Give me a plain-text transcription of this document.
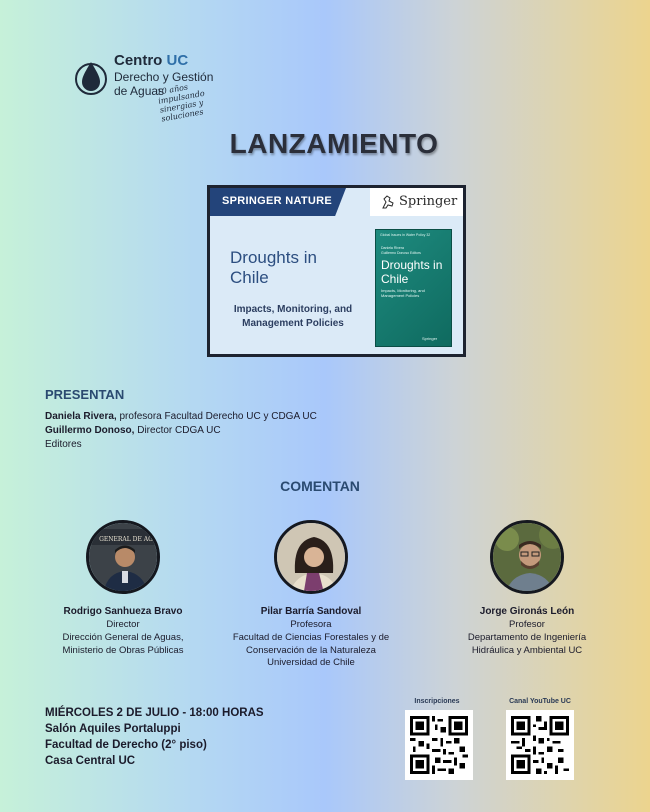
Centro UC
Derecho y Gestión
de Aguas
10 años impulsando sinergias y soluciones
LANZAMIENTO
SPRINGER NATURE	Springer
Droughts in
Chile
Impacts, Monitoring, and
Management Policies
Global Issues in Water Policy 32
Daniela Rivera
Guillermo Donoso Editors
Droughts in
Chile
Impacts, Monitoring, and Management Policies
Springer
PRESENTAN
Daniela Rivera, profesora Facultad Derecho UC y CDGA UC
Guillermo Donoso, Director CDGA UC
Editores
COMENTAN
GENERAL DE AG
Rodrigo Sanhueza Bravo
Director
Dirección General de Aguas,
Ministerio de Obras Públicas
Pilar Barría Sandoval
Profesora
Facultad de Ciencias Forestales y de
Conservación de la Naturaleza
Universidad de Chile
Jorge Gironás León
Profesor
Departamento de Ingeniería
Hidráulica y Ambiental UC
MIÉRCOLES 2 DE JULIO - 18:00 HORAS
Salón Aquiles Portaluppi
Facultad de Derecho (2° piso)
Casa Central UC
Inscripciones	Canal YouTube UC
